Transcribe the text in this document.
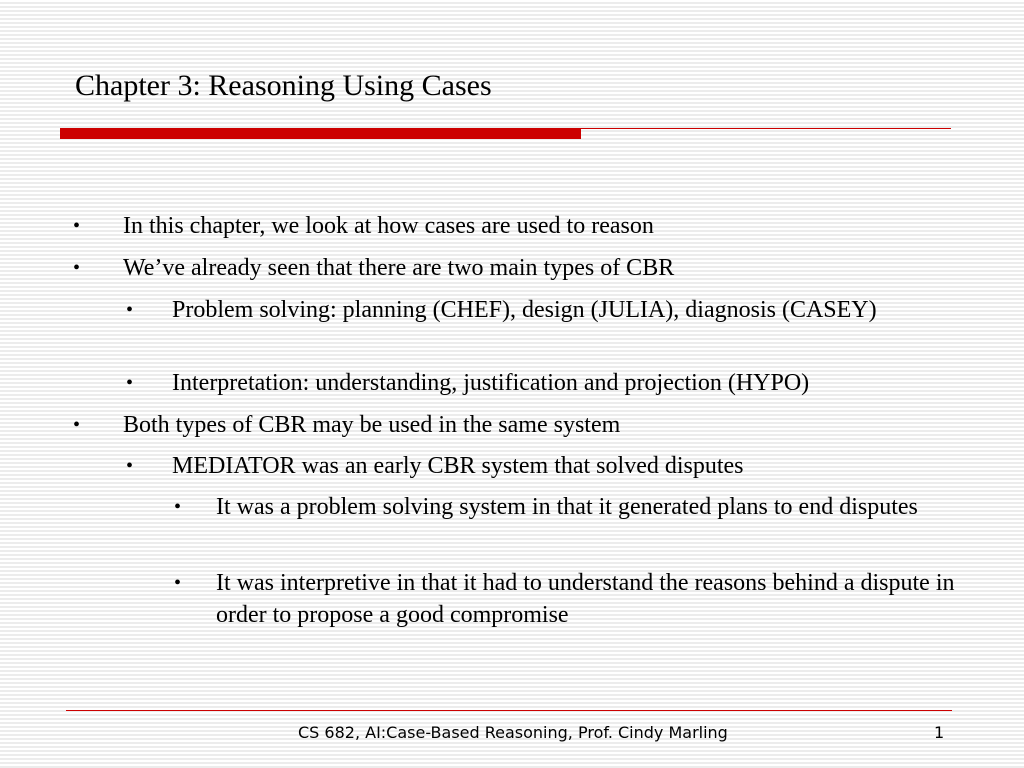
Chapter 3: Reasoning Using Cases
• In this chapter, we look at how cases are used to reason
• We’ve already seen that there are two main types of CBR
• Problem solving: planning (CHEF), design (JULIA), diagnosis (CASEY)
• Interpretation: understanding, justification and projection (HYPO)
• Both types of CBR may be used in the same system
• MEDIATOR was an early CBR system that solved disputes
• It was a problem solving system in that it generated plans to end disputes
• It was interpretive in that it had to understand the reasons behind a dispute in order to propose a good compromise
CS 682, AI:Case-Based Reasoning, Prof. Cindy Marling	1
